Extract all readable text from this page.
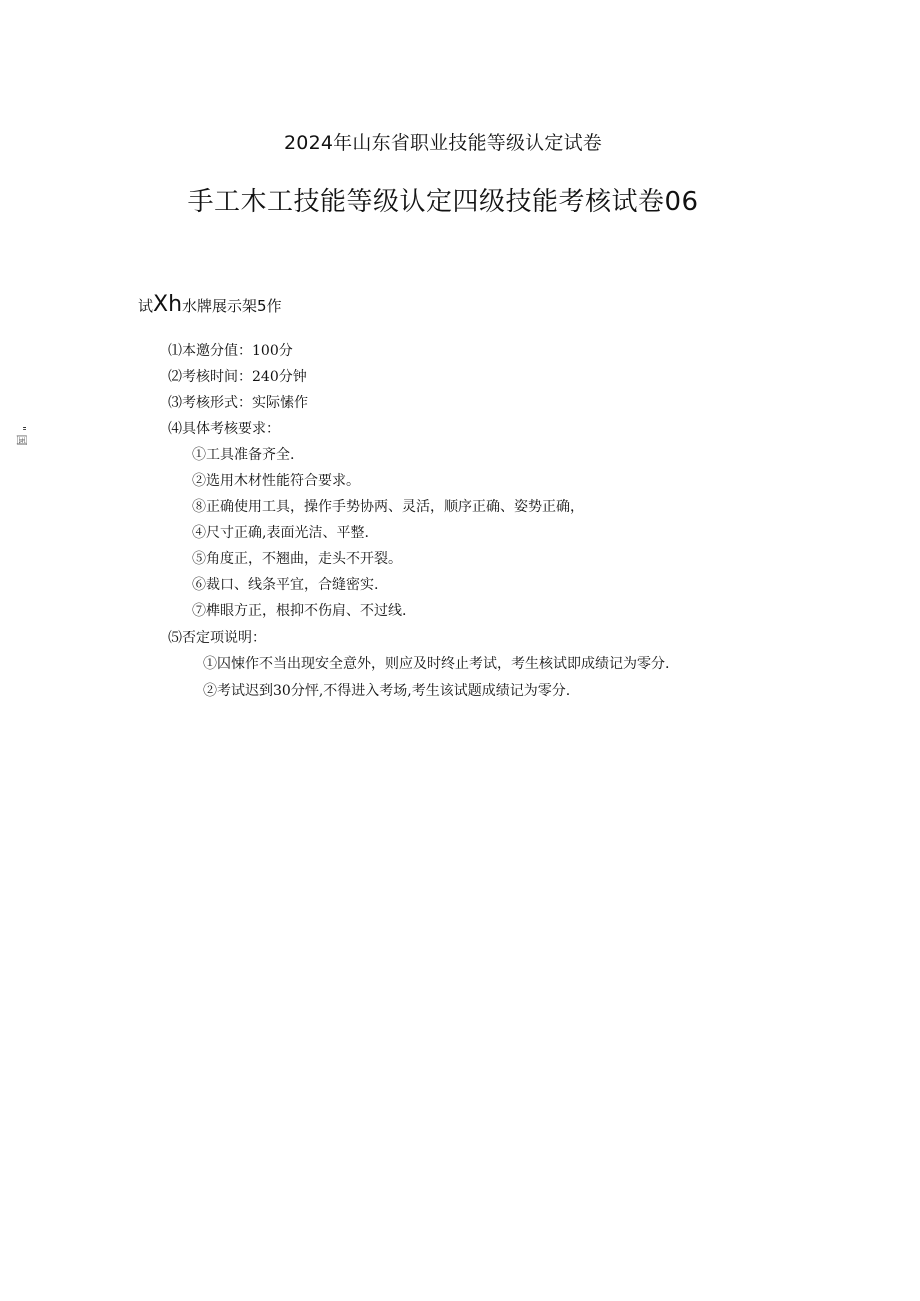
2024年山东省职业技能等级认定试卷
手工木工技能等级认定四级技能考核试卷06
试Xh水牌展示架5作
" 国
⑴本邀分值：100分
⑵考核时间：240分钟
⑶考核形式：实际愫作
⑷具体考核要求：
①工具准备齐全.
②选用木材性能符合要求。
⑧正确使用工具，操作手势协两、灵活，顺序正确、姿势正确，
④尺寸正确,表面光洁、平整.
⑤角度正，不翘曲，走头不开裂。
⑥裁口、线条平宜，合缝密实.
⑦榫眼方正，根抑不伤肩、不过线.
⑸否定项说明：
①囚悚作不当出现安全意外，则应及时终止考试，考生核试即成绩记为零分.
②考试迟到30分怦,不得进入考场,考生该试题成绩记为零分.
